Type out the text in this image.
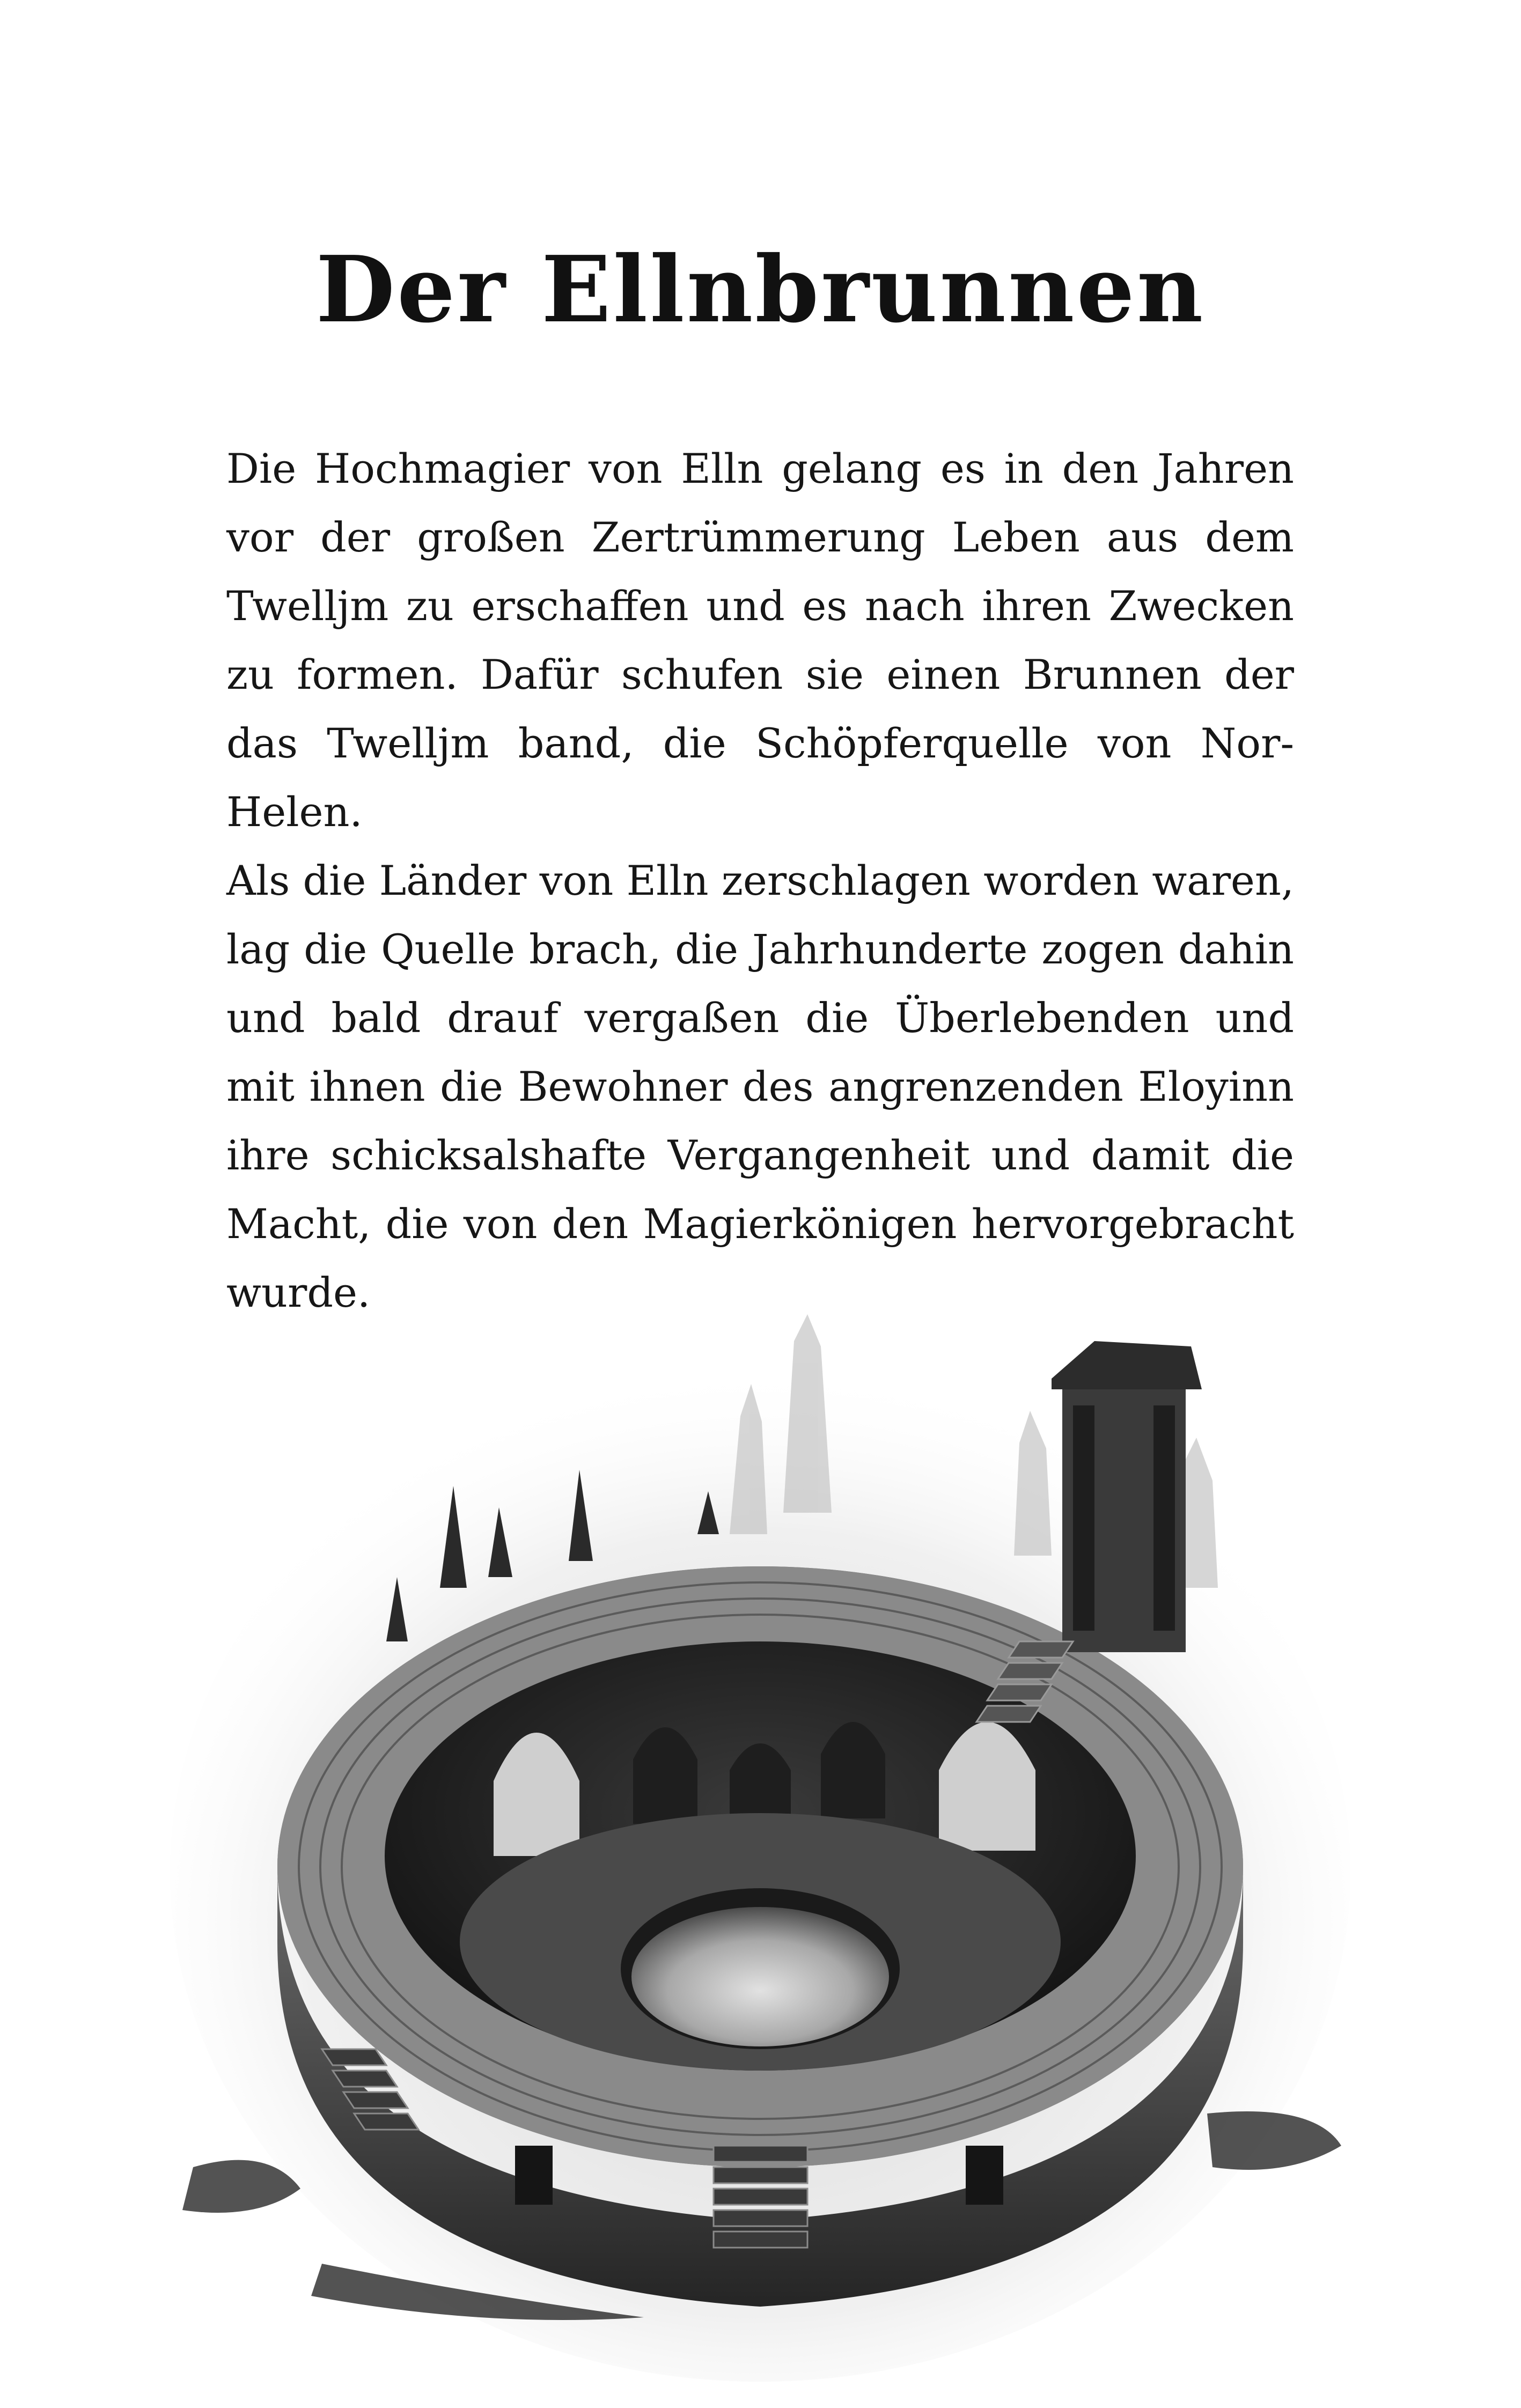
Der Ellnbrunnen

Die Hochmagier von Elln gelang es in den Jahren vor der großen Zertrümmerung Leben aus dem Twelljm zu erschaffen und es nach ihren Zwecken zu formen. Dafür schufen sie einen Brunnen der das Twelljm band, die Schöpferquelle von Nor-Helen.

Als die Länder von Elln zerschlagen worden waren, lag die Quelle brach, die Jahrhunderte zogen dahin und bald drauf vergaßen die Überlebenden und mit ihnen die Bewohner des angrenzenden Eloyinn ihre schicksalshafte Vergangenheit und damit die Macht, die von den Magierkönigen hervorgebracht wurde.
